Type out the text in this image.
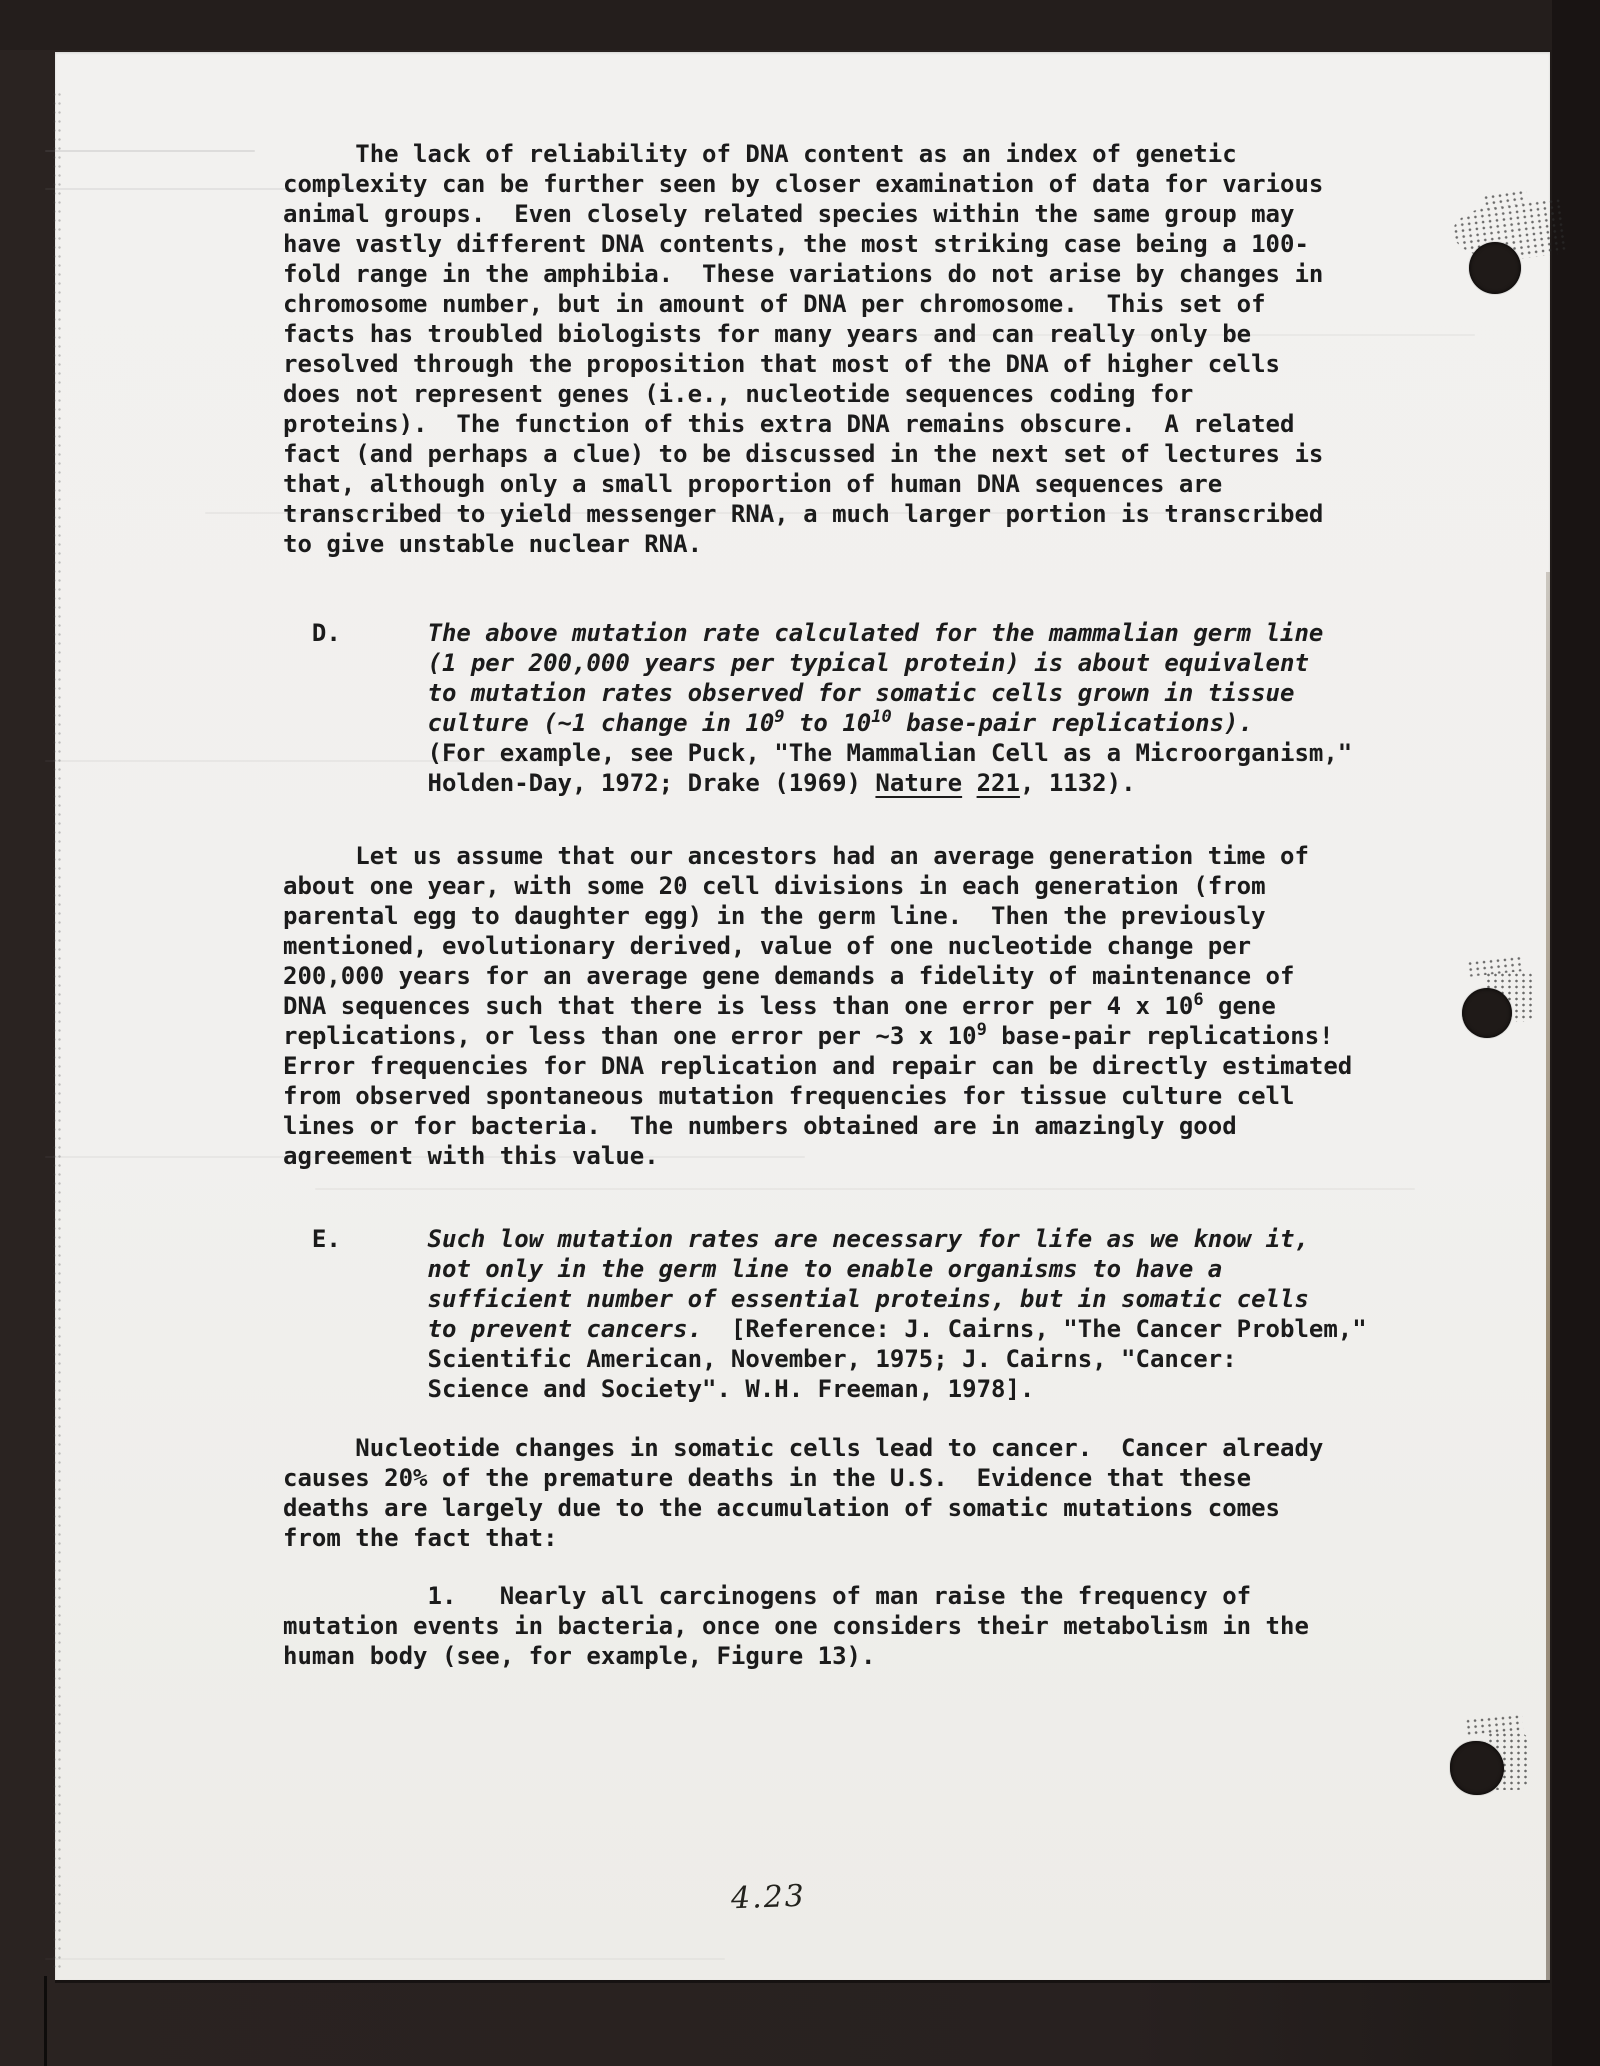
The lack of reliability of DNA content as an index of genetic
complexity can be further seen by closer examination of data for various
animal groups.  Even closely related species within the same group may
have vastly different DNA contents, the most striking case being a 100-
fold range in the amphibia.  These variations do not arise by changes in
chromosome number, but in amount of DNA per chromosome.  This set of
facts has troubled biologists for many years and can really only be
resolved through the proposition that most of the DNA of higher cells
does not represent genes (i.e., nucleotide sequences coding for
proteins).  The function of this extra DNA remains obscure.  A related
fact (and perhaps a clue) to be discussed in the next set of lectures is
that, although only a small proportion of human DNA sequences are
transcribed to yield messenger RNA, a much larger portion is transcribed
to give unstable nuclear RNA.
D.      The above mutation rate calculated for the mammalian germ line
(1 per 200,000 years per typical protein) is about equivalent
to mutation rates observed for somatic cells grown in tissue
culture (∼1 change in $10^9$ to $10^{10}$ base-pair replications).
(For example, see Puck, "The Mammalian Cell as a Microorganism,"
Holden-Day, 1972; Drake (1969) Nature 221, 1132).
Let us assume that our ancestors had an average generation time of
about one year, with some 20 cell divisions in each generation (from
parental egg to daughter egg) in the germ line.  Then the previously
mentioned, evolutionary derived, value of one nucleotide change per
200,000 years for an average gene demands a fidelity of maintenance of
DNA sequences such that there is less than one error per 4 x $10^6$ gene
replications, or less than one error per ∼3 x $10^9$ base-pair replications!
Error frequencies for DNA replication and repair can be directly estimated
from observed spontaneous mutation frequencies for tissue culture cell
lines or for bacteria.  The numbers obtained are in amazingly good
agreement with this value.
E.      Such low mutation rates are necessary for life as we know it,
not only in the germ line to enable organisms to have a
sufficient number of essential proteins, but in somatic cells
to prevent cancers.  [Reference: J. Cairns, "The Cancer Problem,"
Scientific American, November, 1975; J. Cairns, "Cancer:
Science and Society". W.H. Freeman, 1978].
Nucleotide changes in somatic cells lead to cancer.  Cancer already
causes 20% of the premature deaths in the U.S.  Evidence that these
deaths are largely due to the accumulation of somatic mutations comes
from the fact that:
1.   Nearly all carcinogens of man raise the frequency of
mutation events in bacteria, once one considers their metabolism in the
human body (see, for example, Figure 13).
4.23
